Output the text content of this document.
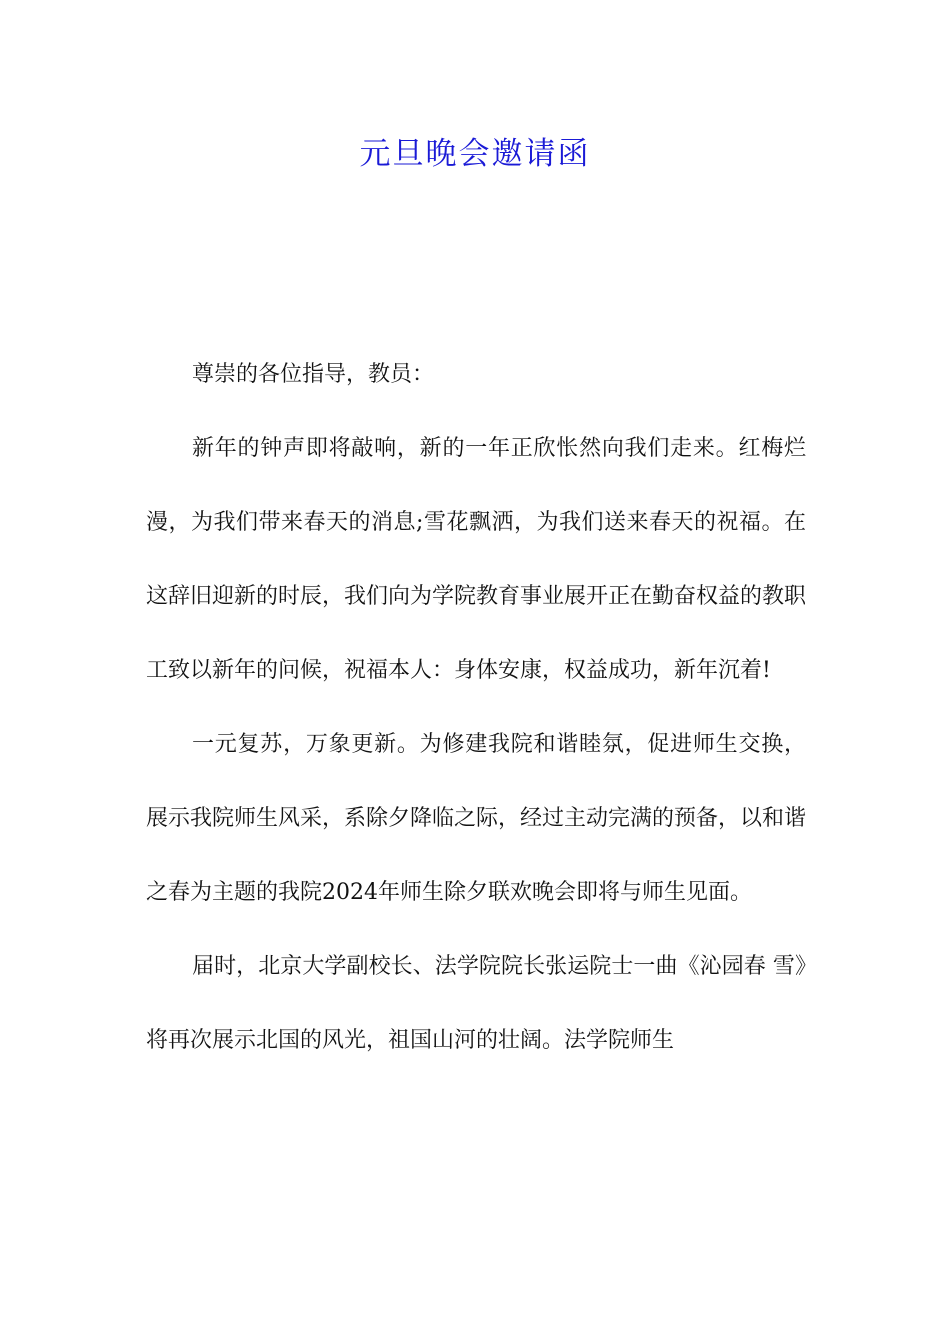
元旦晚会邀请函

尊崇的各位指导，教员：

新年的钟声即将敲响，新的一年正欣怅然向我们走来。红梅烂漫，为我们带来春天的消息;雪花飘洒，为我们送来春天的祝福。在这辞旧迎新的时辰，我们向为学院教育事业展开正在勤奋权益的教职工致以新年的问候，祝福本人：身体安康，权益成功，新年沉着!

一元复苏，万象更新。为修建我院和谐睦氛，促进师生交换，展示我院师生风采，系除夕降临之际，经过主动完满的预备，以和谐之春为主题的我院2024年师生除夕联欢晚会即将与师生见面。

届时，北京大学副校长、法学院院长张运院士一曲《沁园春 雪》将再次展示北国的风光，祖国山河的壮阔。法学院师生
